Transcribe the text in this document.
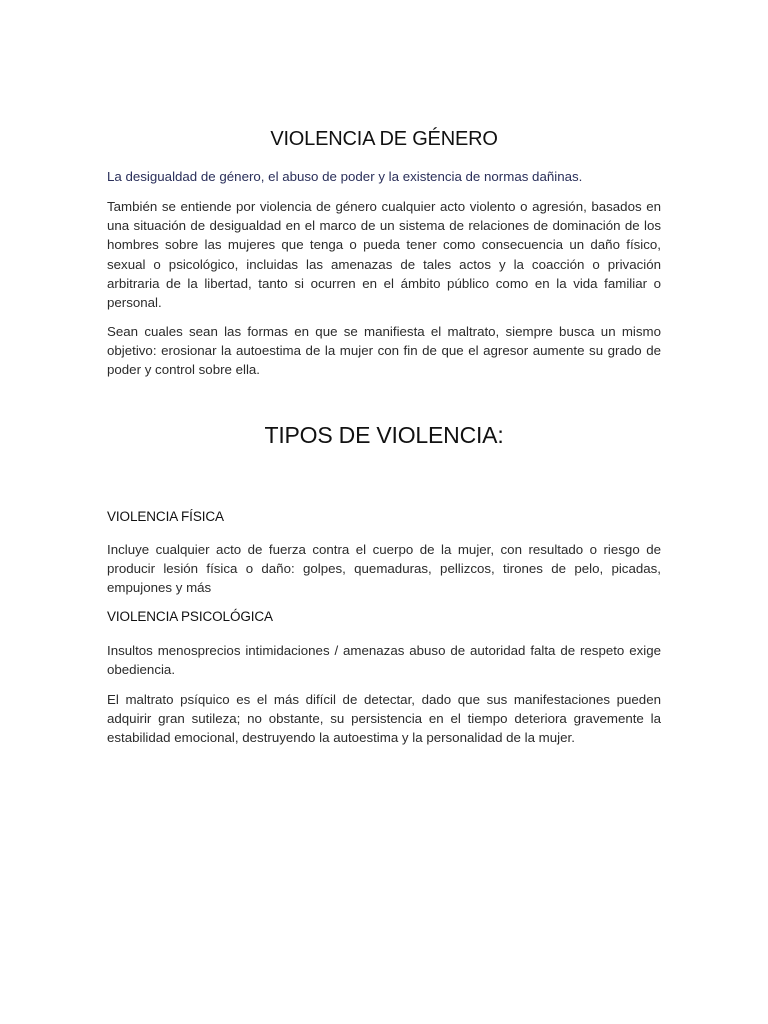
VIOLENCIA DE GÉNERO

La desigualdad de género, el abuso de poder y la existencia de normas dañinas.

También se entiende por violencia de género cualquier acto violento o agresión, basados en una situación de desigualdad en el marco de un sistema de relaciones de dominación de los hombres sobre las mujeres que tenga o pueda tener como consecuencia un daño físico, sexual o psicológico, incluidas las amenazas de tales actos y la coacción o privación arbitraria de la libertad, tanto si ocurren en el ámbito público como en la vida familiar o personal.

Sean cuales sean las formas en que se manifiesta el maltrato, siempre busca un mismo objetivo: erosionar la autoestima de la mujer con fin de que el agresor aumente su grado de poder y control sobre ella.

TIPOS DE VIOLENCIA:
VIOLENCIA FÍSICA

Incluye cualquier acto de fuerza contra el cuerpo de la mujer, con resultado o riesgo de producir lesión física o daño: golpes, quemaduras, pellizcos, tirones de pelo, picadas, empujones y más

VIOLENCIA PSICOLÓGICA

Insultos menosprecios intimidaciones / amenazas abuso de autoridad falta de respeto exige obediencia.

El maltrato psíquico es el más difícil de detectar, dado que sus manifestaciones pueden adquirir gran sutileza; no obstante, su persistencia en el tiempo deteriora gravemente la estabilidad emocional, destruyendo la autoestima y la personalidad de la mujer.
